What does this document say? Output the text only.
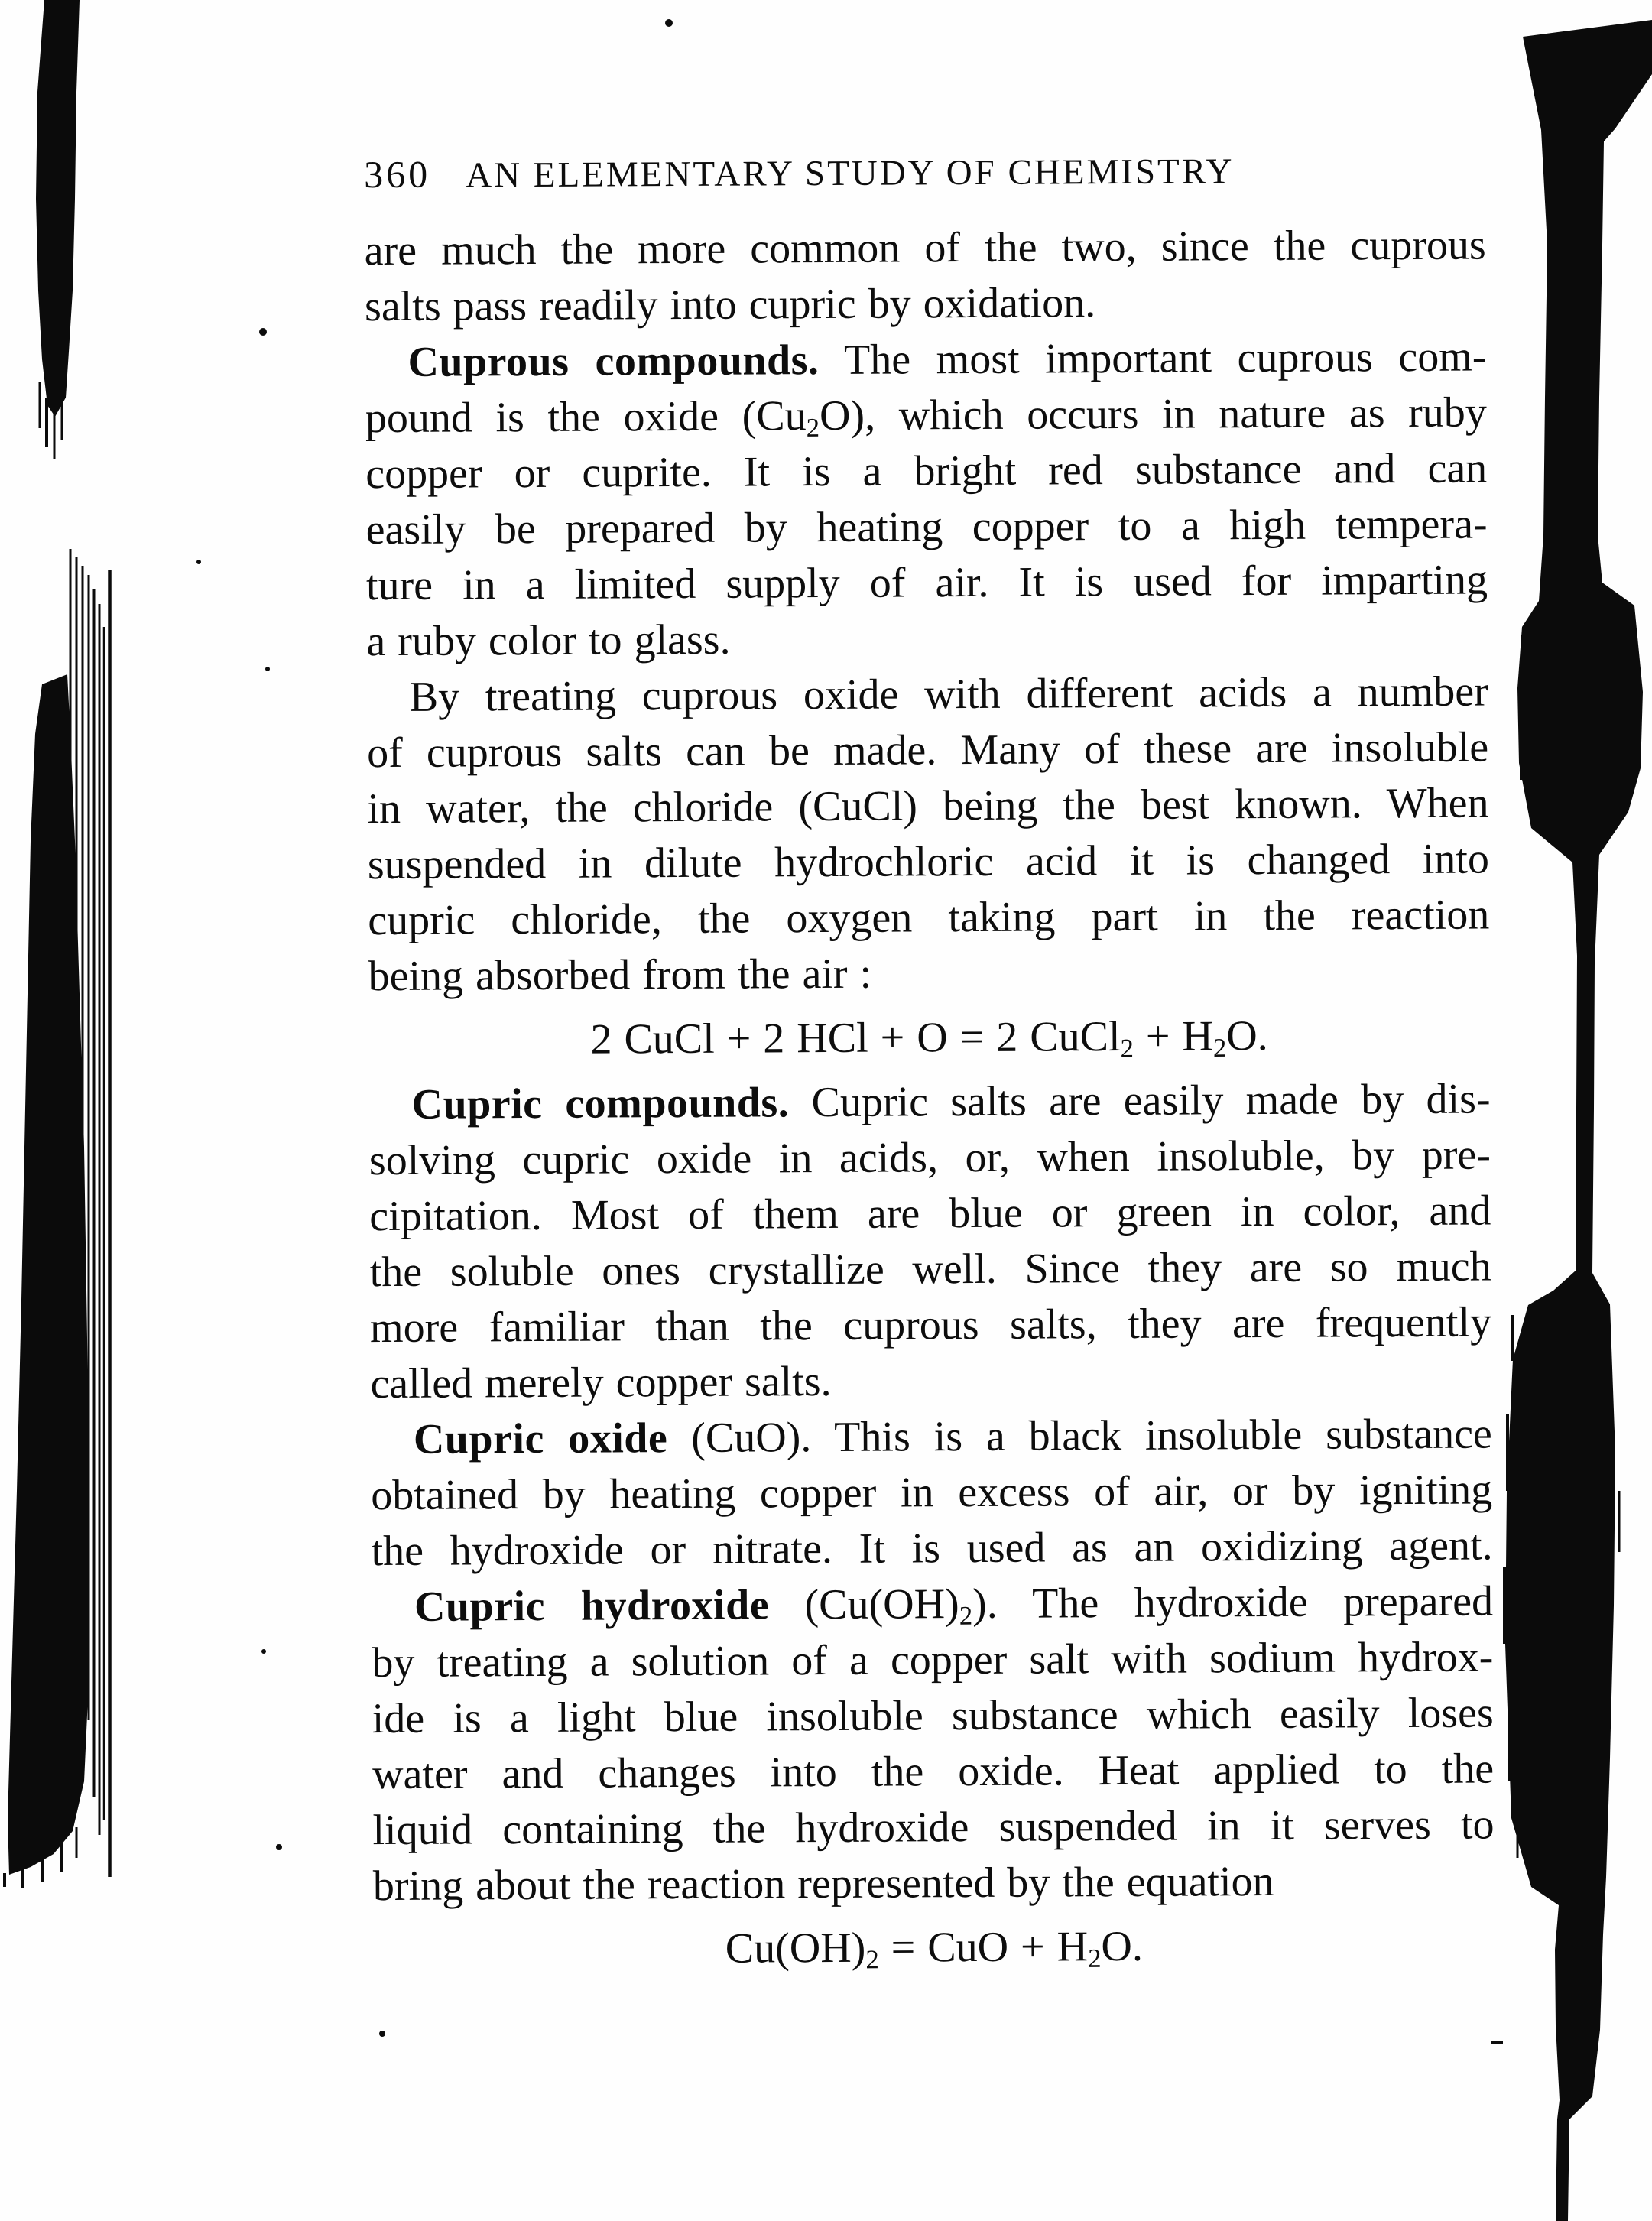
360 AN ELEMENTARY STUDY OF CHEMISTRY
are much the more common of the two, since the cuprous
salts pass readily into cupric by oxidation.
Cuprous compounds. The most important cuprous com-
pound is the oxide $(Cu_2O)$, which occurs in nature as ruby
copper or cuprite. It is a bright red substance and can
easily be prepared by heating copper to a high tempera-
ture in a limited supply of air. It is used for imparting
a ruby color to glass.
By treating cuprous oxide with different acids a number
of cuprous salts can be made. Many of these are insoluble
in water, the chloride (CuCl) being the best known. When
suspended in dilute hydrochloric acid it is changed into
cupric chloride, the oxygen taking part in the reaction
being absorbed from the air :
2 CuCl + 2 HCl + O = 2 CuCl$_2$ + $H_2O$.
Cupric compounds. Cupric salts are easily made by dis-
solving cupric oxide in acids, or, when insoluble, by pre-
cipitation. Most of them are blue or green in color, and
the soluble ones crystallize well. Since they are so much
more familiar than the cuprous salts, they are frequently
called merely copper salts.
Cupric oxide (CuO). This is a black insoluble substance
obtained by heating copper in excess of air, or by igniting
the hydroxide or nitrate. It is used as an oxidizing agent.
Cupric hydroxide $(Cu(OH)_2)$. The hydroxide prepared
by treating a solution of a copper salt with sodium hydrox-
ide is a light blue insoluble substance which easily loses
water and changes into the oxide. Heat applied to the
liquid containing the hydroxide suspended in it serves to
bring about the reaction represented by the equation
$Cu(OH)_2$ = CuO + $H_2O$.
